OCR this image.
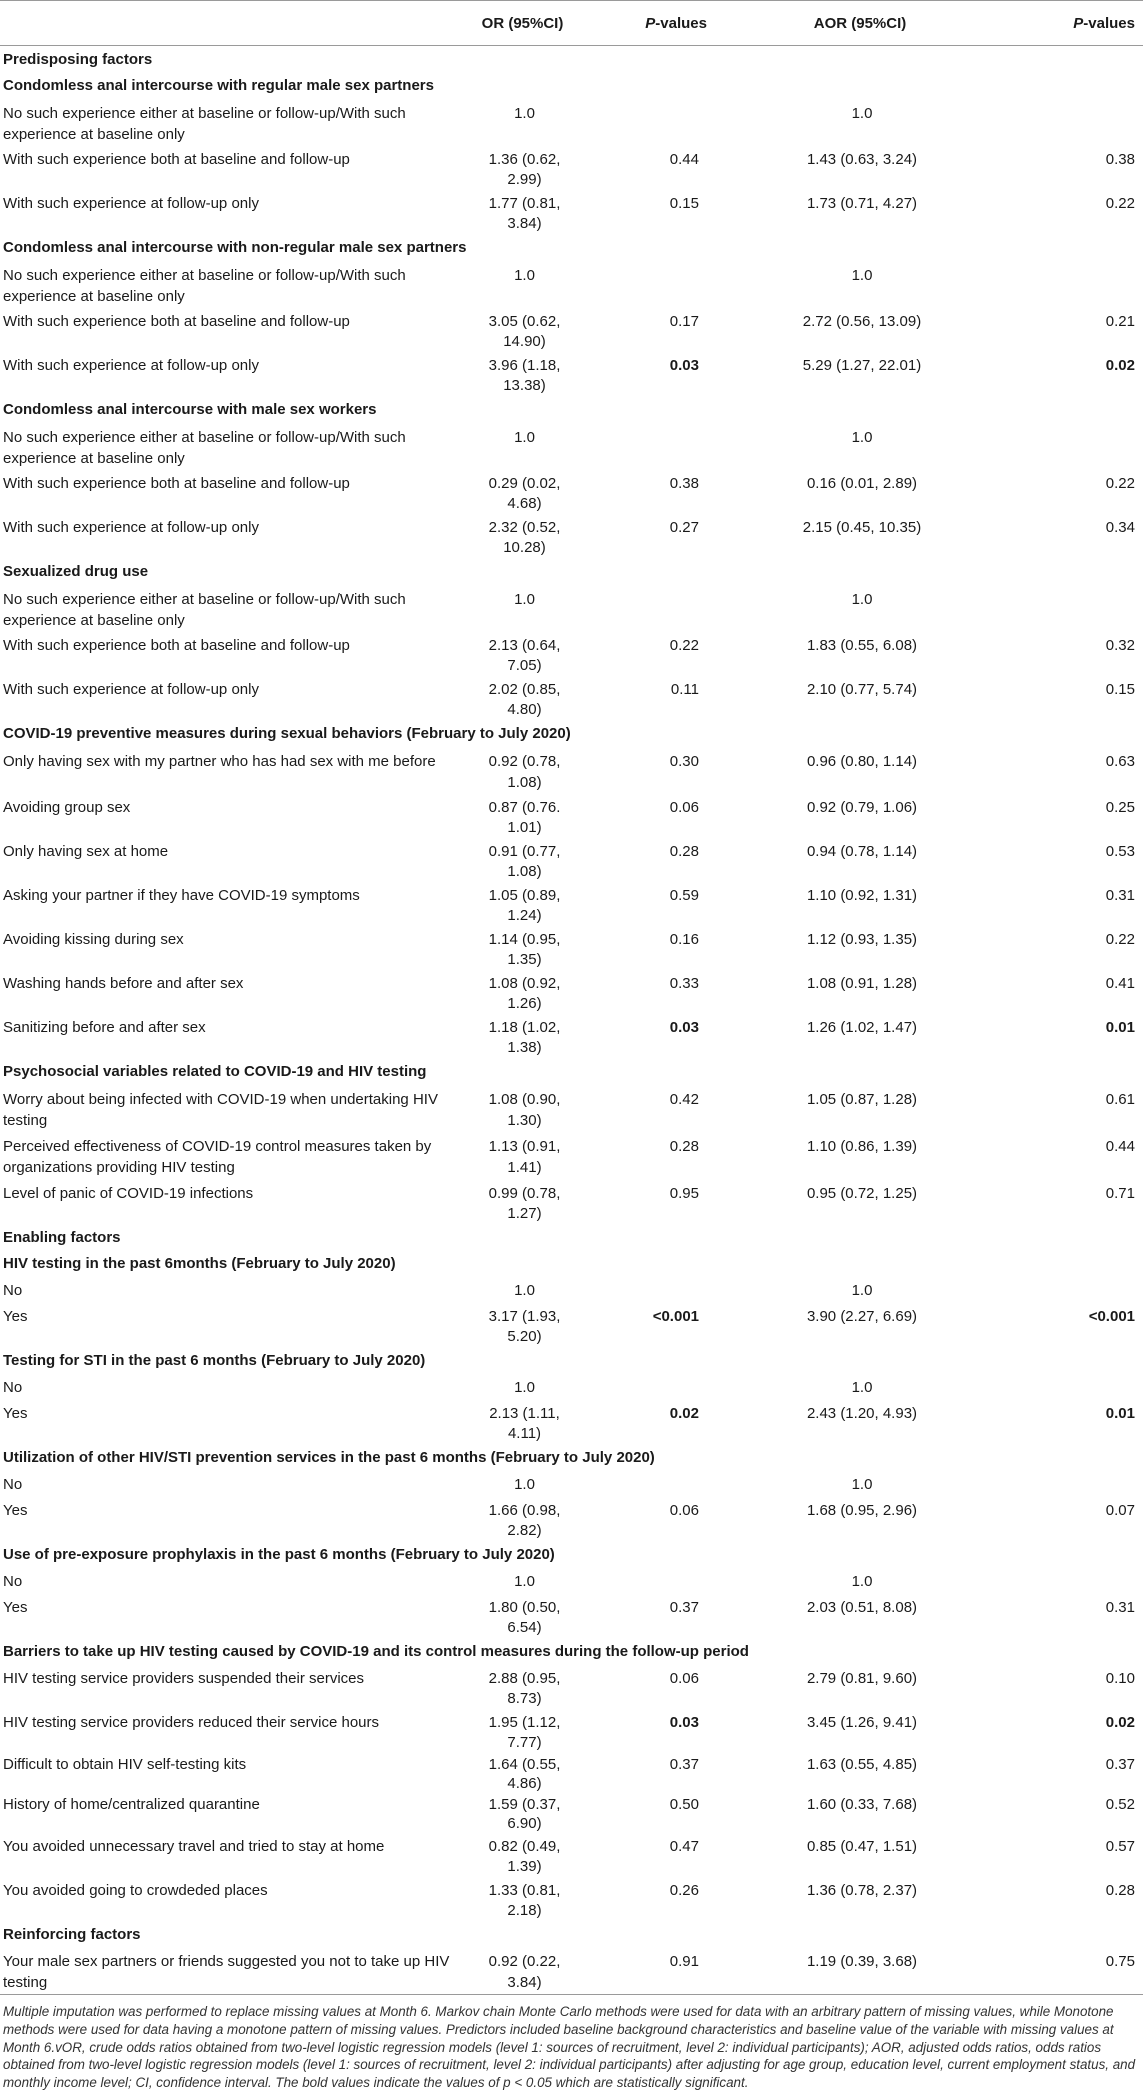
	OR (95%CI)	P-values	AOR (95%CI)	P-values
Predisposing factors				
Condomless anal intercourse with regular male sex partners				
No such experience either at baseline or follow-up/With such experience at baseline only	1.0		1.0	
With such experience both at baseline and follow-up	1.36 (0.62, 2.99)	0.44	1.43 (0.63, 3.24)	0.38
With such experience at follow-up only	1.77 (0.81, 3.84)	0.15	1.73 (0.71, 4.27)	0.22
Condomless anal intercourse with non-regular male sex partners				
No such experience either at baseline or follow-up/With such experience at baseline only	1.0		1.0	
With such experience both at baseline and follow-up	3.05 (0.62, 14.90)	0.17	2.72 (0.56, 13.09)	0.21
With such experience at follow-up only	3.96 (1.18, 13.38)	0.03	5.29 (1.27, 22.01)	0.02
Condomless anal intercourse with male sex workers				
No such experience either at baseline or follow-up/With such experience at baseline only	1.0		1.0	
With such experience both at baseline and follow-up	0.29 (0.02, 4.68)	0.38	0.16 (0.01, 2.89)	0.22
With such experience at follow-up only	2.32 (0.52, 10.28)	0.27	2.15 (0.45, 10.35)	0.34
Sexualized drug use				
No such experience either at baseline or follow-up/With such experience at baseline only	1.0		1.0	
With such experience both at baseline and follow-up	2.13 (0.64, 7.05)	0.22	1.83 (0.55, 6.08)	0.32
With such experience at follow-up only	2.02 (0.85, 4.80)	0.11	2.10 (0.77, 5.74)	0.15
COVID-19 preventive measures during sexual behaviors (February to July 2020)				
Only having sex with my partner who has had sex with me before	0.92 (0.78, 1.08)	0.30	0.96 (0.80, 1.14)	0.63
Avoiding group sex	0.87 (0.76. 1.01)	0.06	0.92 (0.79, 1.06)	0.25
Only having sex at home	0.91 (0.77, 1.08)	0.28	0.94 (0.78, 1.14)	0.53
Asking your partner if they have COVID-19 symptoms	1.05 (0.89, 1.24)	0.59	1.10 (0.92, 1.31)	0.31
Avoiding kissing during sex	1.14 (0.95, 1.35)	0.16	1.12 (0.93, 1.35)	0.22
Washing hands before and after sex	1.08 (0.92, 1.26)	0.33	1.08 (0.91, 1.28)	0.41
Sanitizing before and after sex	1.18 (1.02, 1.38)	0.03	1.26 (1.02, 1.47)	0.01
Psychosocial variables related to COVID-19 and HIV testing				
Worry about being infected with COVID-19 when undertaking HIV testing	1.08 (0.90, 1.30)	0.42	1.05 (0.87, 1.28)	0.61
Perceived effectiveness of COVID-19 control measures taken by organizations providing HIV testing	1.13 (0.91, 1.41)	0.28	1.10 (0.86, 1.39)	0.44
Level of panic of COVID-19 infections	0.99 (0.78, 1.27)	0.95	0.95 (0.72, 1.25)	0.71
Enabling factors				
HIV testing in the past 6months (February to July 2020)				
No	1.0		1.0	
Yes	3.17 (1.93, 5.20)	<0.001	3.90 (2.27, 6.69)	<0.001
Testing for STI in the past 6 months (February to July 2020)				
No	1.0		1.0	
Yes	2.13 (1.11, 4.11)	0.02	2.43 (1.20, 4.93)	0.01
Utilization of other HIV/STI prevention services in the past 6 months (February to July 2020)				
No	1.0		1.0	
Yes	1.66 (0.98, 2.82)	0.06	1.68 (0.95, 2.96)	0.07
Use of pre-exposure prophylaxis in the past 6 months (February to July 2020)				
No	1.0		1.0	
Yes	1.80 (0.50, 6.54)	0.37	2.03 (0.51, 8.08)	0.31
Barriers to take up HIV testing caused by COVID-19 and its control measures during the follow-up period				
HIV testing service providers suspended their services	2.88 (0.95, 8.73)	0.06	2.79 (0.81, 9.60)	0.10
HIV testing service providers reduced their service hours	1.95 (1.12, 7.77)	0.03	3.45 (1.26, 9.41)	0.02
Difficult to obtain HIV self-testing kits	1.64 (0.55, 4.86)	0.37	1.63 (0.55, 4.85)	0.37
History of home/centralized quarantine	1.59 (0.37, 6.90)	0.50	1.60 (0.33, 7.68)	0.52
You avoided unnecessary travel and tried to stay at home	0.82 (0.49, 1.39)	0.47	0.85 (0.47, 1.51)	0.57
You avoided going to crowdeded places	1.33 (0.81, 2.18)	0.26	1.36 (0.78, 2.37)	0.28
Reinforcing factors				
Your male sex partners or friends suggested you not to take up HIV testing	0.92 (0.22, 3.84)	0.91	1.19 (0.39, 3.68)	0.75
Multiple imputation was performed to replace missing values at Month 6. Markov chain Monte Carlo methods were used for data with an arbitrary pattern of missing values, while Monotone methods were used for data having a monotone pattern of missing values. Predictors included baseline background characteristics and baseline value of the variable with missing values at Month 6.vOR, crude odds ratios obtained from two-level logistic regression models (level 1: sources of recruitment, level 2: individual participants); AOR, adjusted odds ratios, odds ratios obtained from two-level logistic regression models (level 1: sources of recruitment, level 2: individual participants) after adjusting for age group, education level, current employment status, and monthly income level; CI, confidence interval. The bold values indicate the values of p < 0.05 which are statistically significant.
